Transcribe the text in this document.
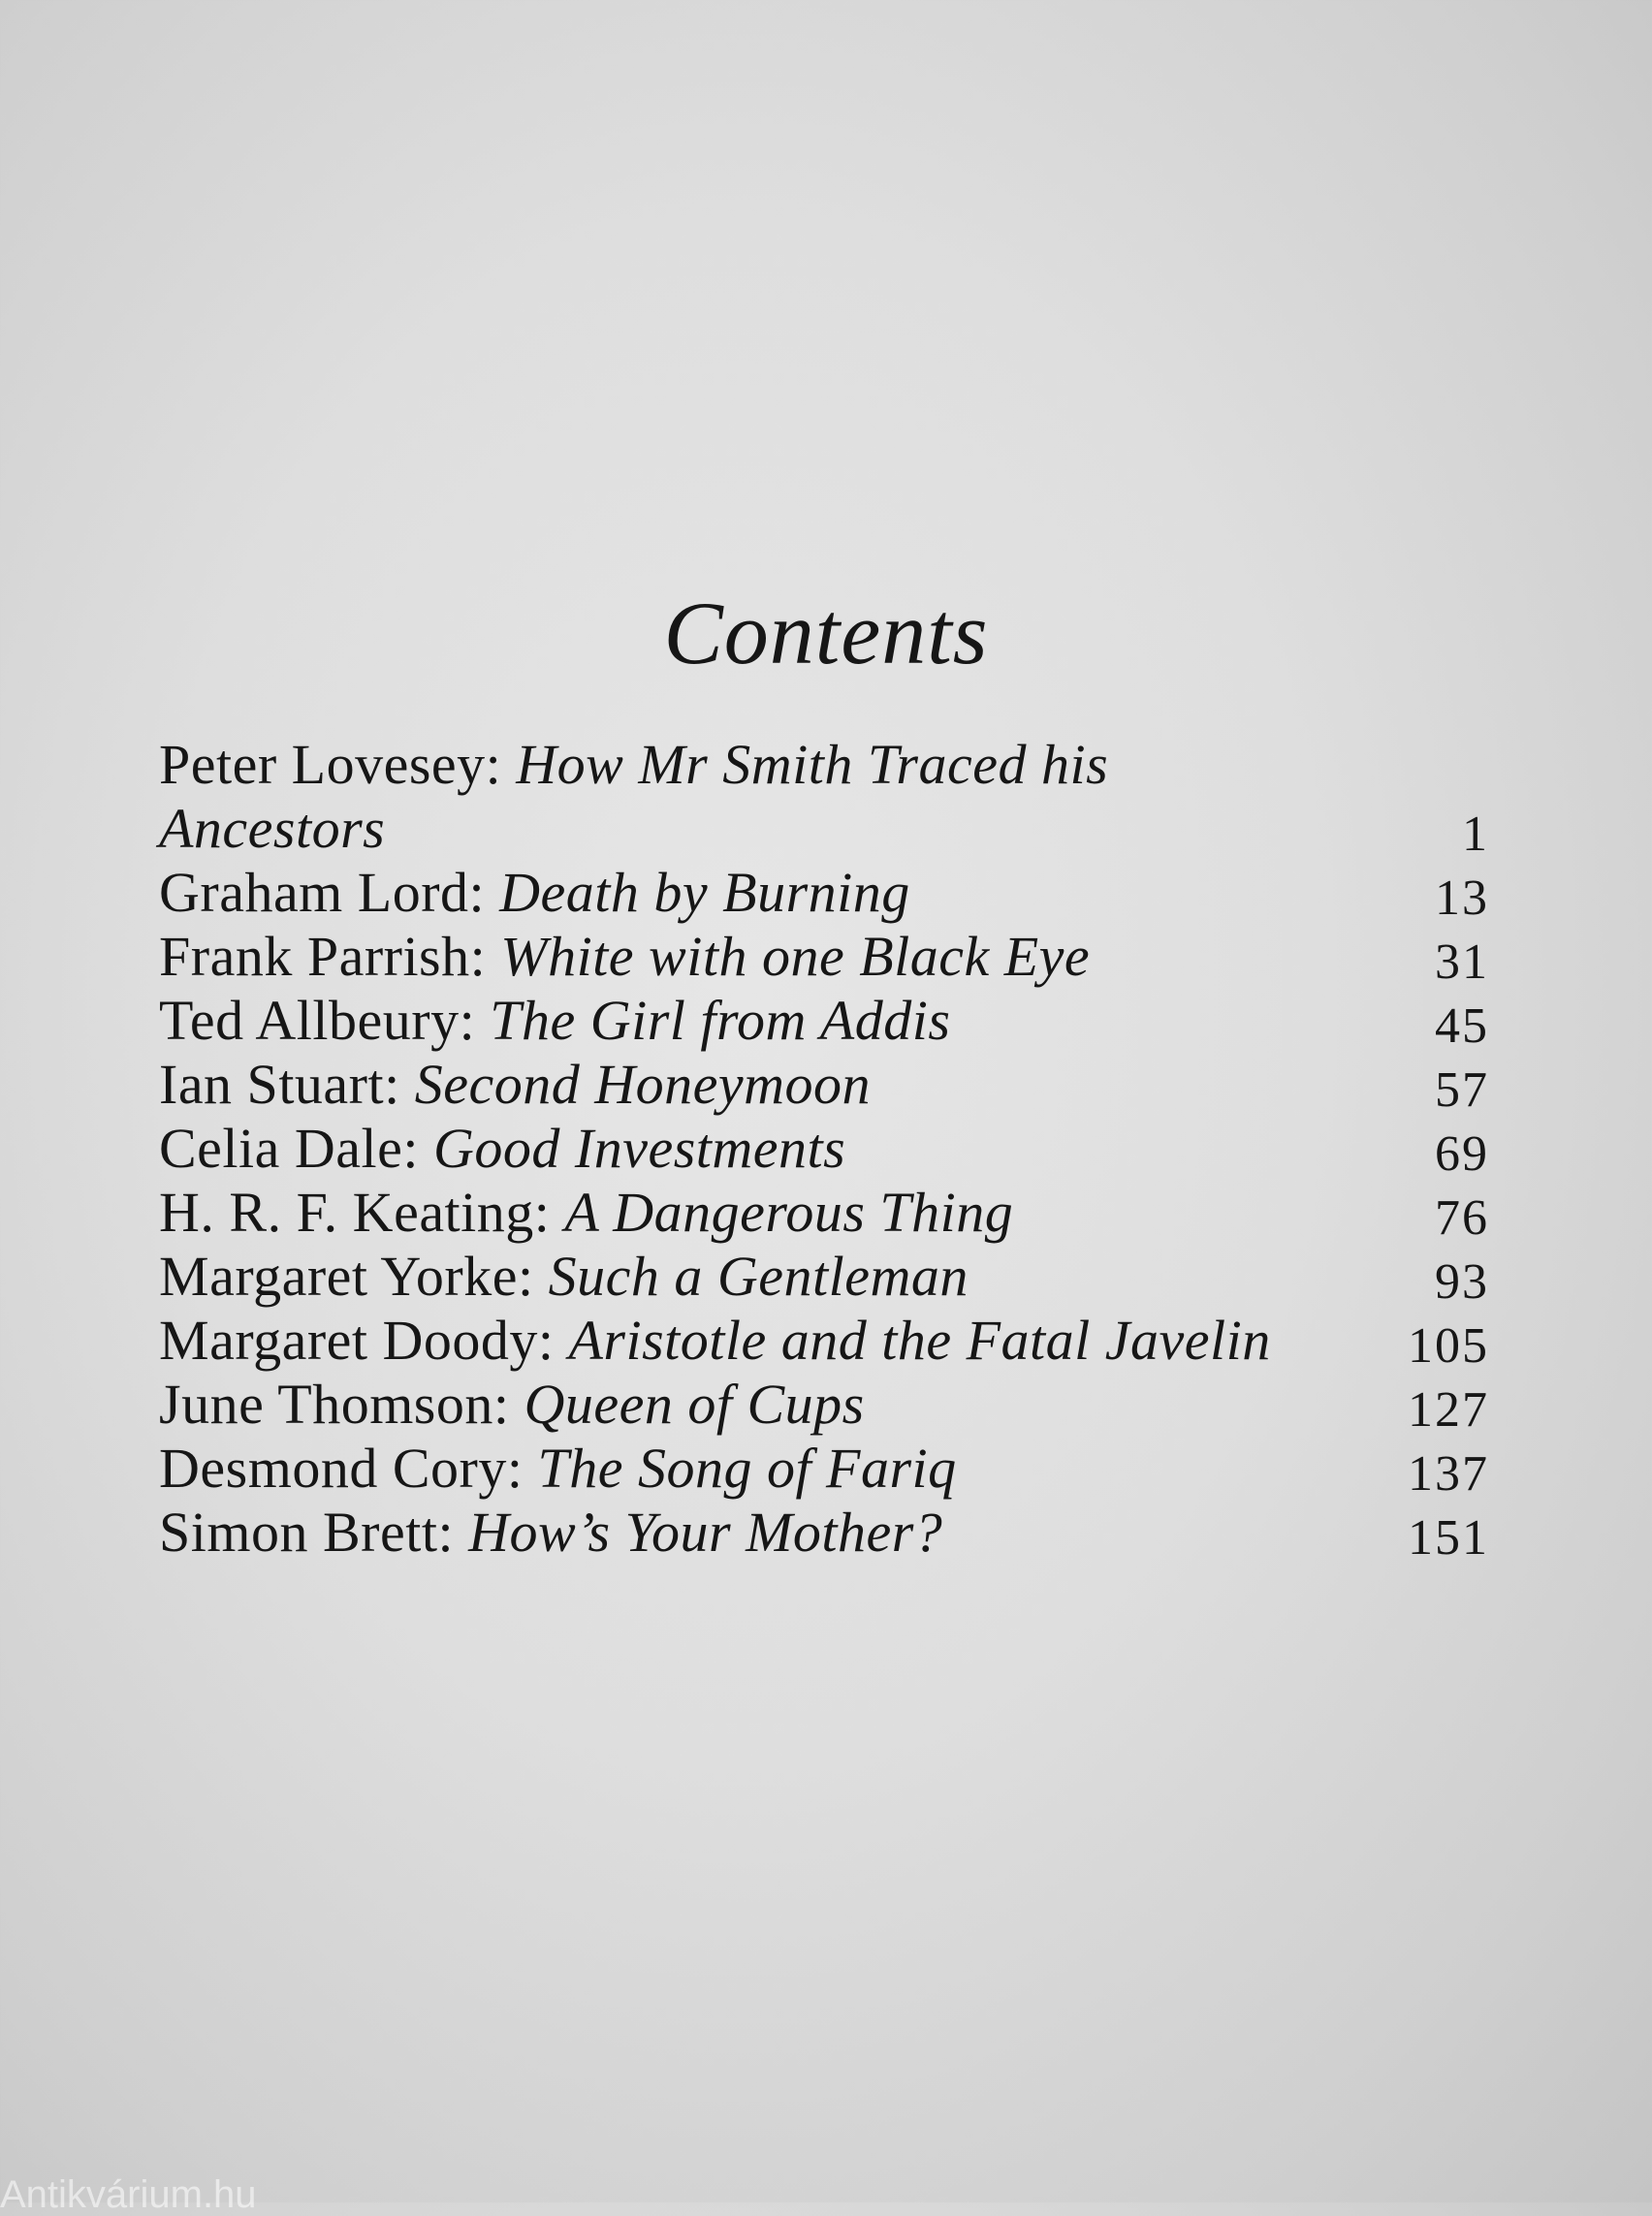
Contents
Peter Lovesey: How Mr Smith Traced his
Ancestors	1
Graham Lord: Death by Burning	13
Frank Parrish: White with one Black Eye	31
Ted Allbeury: The Girl from Addis	45
Ian Stuart: Second Honeymoon	57
Celia Dale: Good Investments	69
H. R. F. Keating: A Dangerous Thing	76
Margaret Yorke: Such a Gentleman	93
Margaret Doody: Aristotle and the Fatal Javelin	105
June Thomson: Queen of Cups	127
Desmond Cory: The Song of Fariq	137
Simon Brett: How’s Your Mother?	151
Antikvárium.hu
